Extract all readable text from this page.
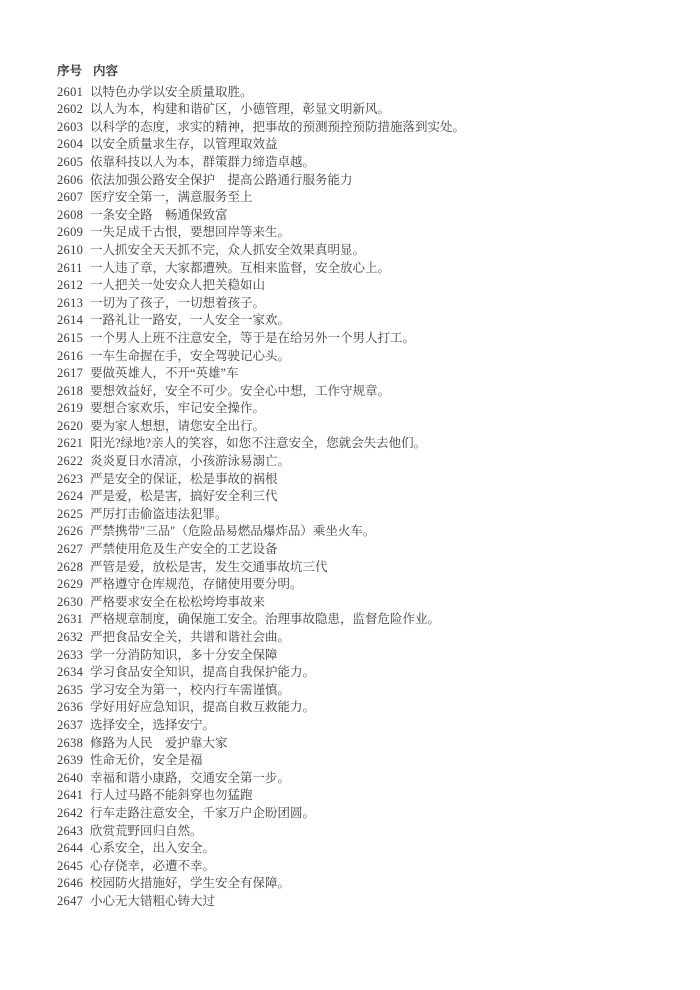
序号 内容
2601 以特色办学以安全质量取胜。
2602 以人为本，构建和谐矿区，小德管理，彰显文明新风。
2603 以科学的态度，求实的精神，把事故的预测预控预防措施落到实处。
2604 以安全质量求生存，以管理取效益
2605 依靠科技以人为本，群策群力缔造卓越。
2606 依法加强公路安全保护　提高公路通行服务能力
2607 医疗安全第一，满意服务至上
2608 一条安全路　畅通保致富
2609 一失足成千古恨，要想回岸等来生。
2610 一人抓安全天天抓不完，众人抓安全效果真明显。
2611 一人违了章，大家都遭殃。互相来监督，安全放心上。
2612 一人把关一处安众人把关稳如山
2613 一切为了孩子，一切想着孩子。
2614 一路礼让一路安，一人安全一家欢。
2615 一个男人上班不注意安全，等于是在给另外一个男人打工。
2616 一车生命握在手，安全驾驶记心头。
2617 要做英雄人，不开“英雄”车
2618 要想效益好，安全不可少。安全心中想，工作守规章。
2619 要想合家欢乐，牢记安全操作。
2620 要为家人想想，请您安全出行。
2621 阳光?绿地?亲人的笑容，如您不注意安全，您就会失去他们。
2622 炎炎夏日水清凉，小孩游泳易溺亡。
2623 严是安全的保证，松是事故的祸根
2624 严是爱，松是害，搞好安全利三代
2625 严厉打击偷盗违法犯罪。
2626 严禁携带″三品″（危险品易燃品爆炸品）乘坐火车。
2627 严禁使用危及生产安全的工艺设备
2628 严管是爱，放松是害，发生交通事故坑三代
2629 严格遵守仓库规范，存储使用要分明。
2630 严格要求安全在松松垮垮事故来
2631 严格规章制度，确保施工安全。治理事故隐患，监督危险作业。
2632 严把食品安全关，共谱和谐社会曲。
2633 学一分消防知识，多十分安全保障
2634 学习食品安全知识，提高自我保护能力。
2635 学习安全为第一，校内行车需谨慎。
2636 学好用好应急知识，提高自救互救能力。
2637 选择安全，选择安宁。
2638 修路为人民　爱护靠大家
2639 性命无价，安全是福
2640 幸福和谐小康路，交通安全第一步。
2641 行人过马路不能斜穿也勿猛跑
2642 行车走路注意安全，千家万户企盼团圆。
2643 欣赏荒野回归自然。
2644 心系安全，出入安全。
2645 心存侥幸，必遭不幸。
2646 校园防火措施好，学生安全有保障。
2647 小心无大错粗心铸大过
